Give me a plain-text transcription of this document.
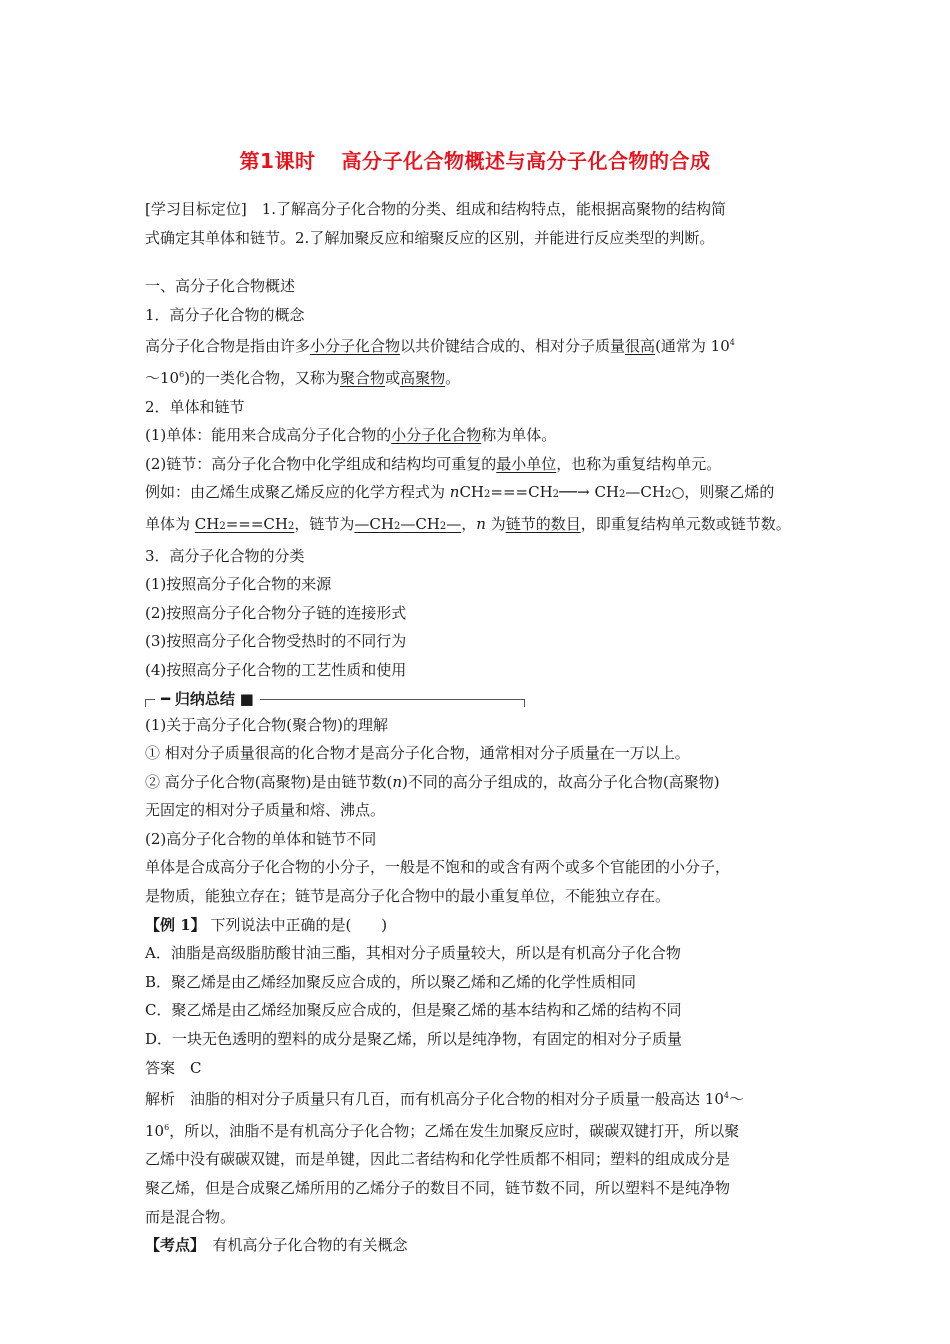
第1课时 高分子化合物概述与高分子化合物的合成

[学习目标定位]　 1.了解高分子化合物的分类、组成和结构特点，能根据高聚物的结构简

式确定其单体和链节。2.了解加聚反应和缩聚反应的区别，并能进行反应类型的判断。

一、高分子化合物概述

1．高分子化合物的概念

高分子化合物是指由许多小分子化合物以共价键结合成的、相对分子质量很高(通常为 $10^4$

$\sim 10^6$)的一类化合物，又称为聚合物或高聚物。

2．单体和链节

(1)单体：能用来合成高分子化合物的小分子化合物称为单体。

(2)链节：高分子化合物中化学组成和结构均可重复的最小单位，也称为重复结构单元。

例如：由乙烯生成聚乙烯反应的化学方程式为 nCH2===CH2──→ CH2—CH2○，则聚乙烯的

单体为 CH2===CH2，链节为—CH2—CH2—，n 为链节的数目，即重复结构单元数或链节数。

3．高分子化合物的分类

(1)按照高分子化合物的来源

(2)按照高分子化合物分子链的连接形式

(3)按照高分子化合物受热时的不同行为

(4)按照高分子化合物的工艺性质和使用

━ 归纳总结 ■

(1)关于高分子化合物(聚合物)的理解

① 相对分子质量很高的化合物才是高分子化合物，通常相对分子质量在一万以上。

② 高分子化合物(高聚物)是由链节数(n)不同的高分子组成的，故高分子化合物(高聚物)

无固定的相对分子质量和熔、沸点。

(2)高分子化合物的单体和链节不同

单体是合成高分子化合物的小分子，一般是不饱和的或含有两个或多个官能团的小分子，

是物质，能独立存在；链节是高分子化合物中的最小重复单位，不能独立存在。

【例 1】 下列说法中正确的是(　　)

A．油脂是高级脂肪酸甘油三酯，其相对分子质量较大，所以是有机高分子化合物

B．聚乙烯是由乙烯经加聚反应合成的，所以聚乙烯和乙烯的化学性质相同

C．聚乙烯是由乙烯经加聚反应合成的，但是聚乙烯的基本结构和乙烯的结构不同

D．一块无色透明的塑料的成分是聚乙烯，所以是纯净物，有固定的相对分子质量

答案　 C

解析　 油脂的相对分子质量只有几百，而有机高分子化合物的相对分子质量一般高达 $10^4\sim$

$10^6$，所以，油脂不是有机高分子化合物；乙烯在发生加聚反应时，碳碳双键打开，所以聚

乙烯中没有碳碳双键，而是单键，因此二者结构和化学性质都不相同；塑料的组成成分是

聚乙烯，但是合成聚乙烯所用的乙烯分子的数目不同，链节数不同，所以塑料不是纯净物

而是混合物。

【考点】　 有机高分子化合物的有关概念
